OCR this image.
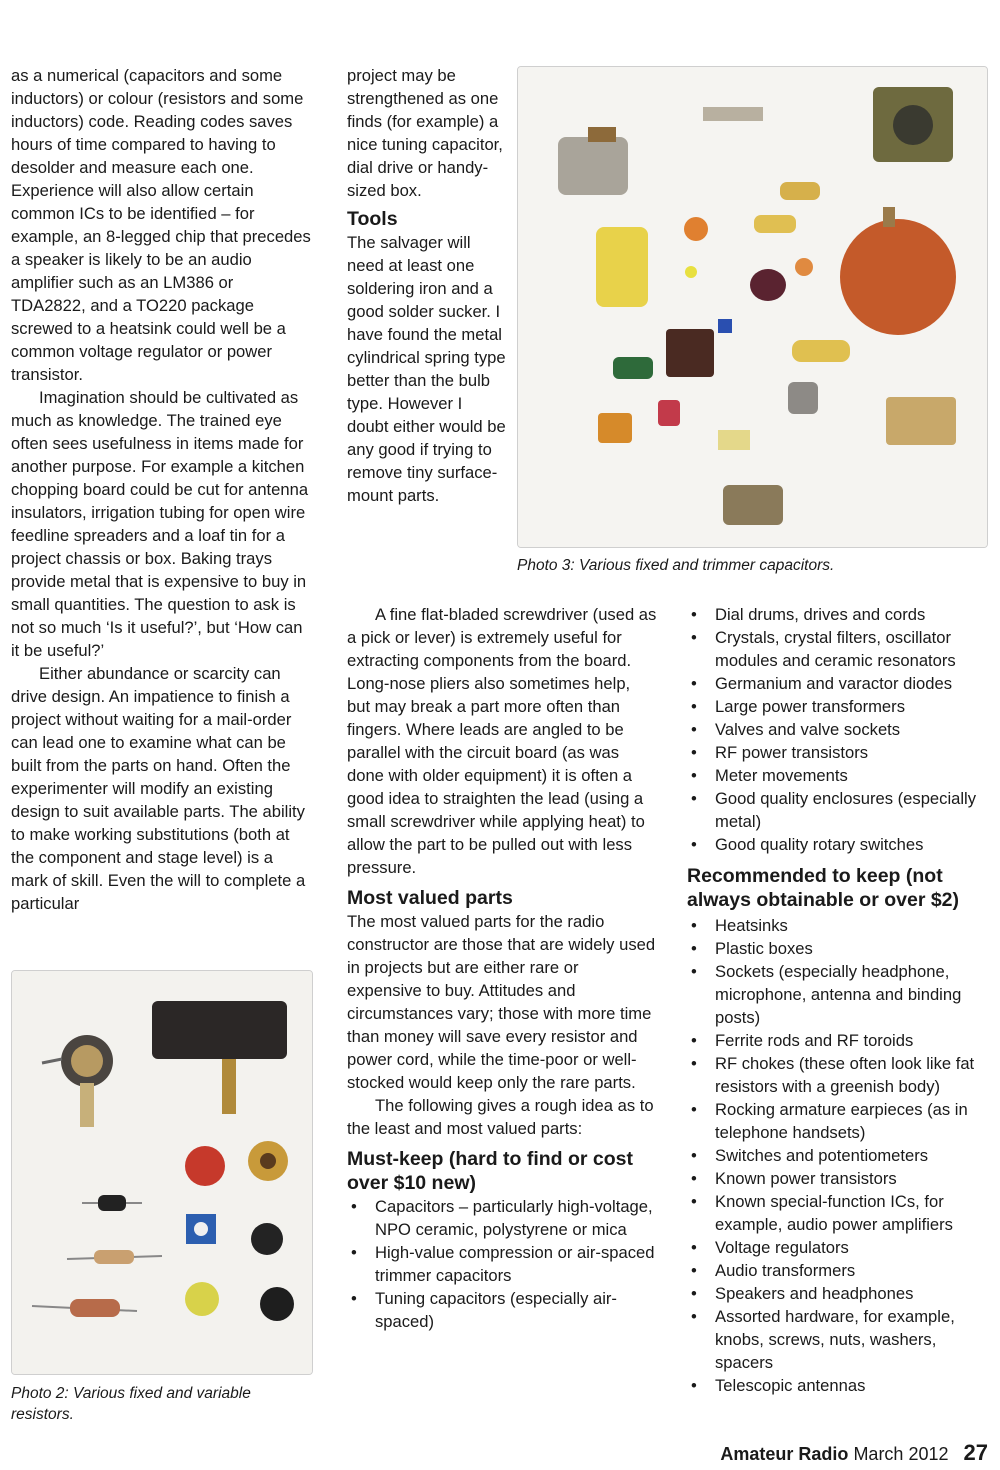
as a numerical (capacitors and some inductors) or colour (resistors and some inductors) code. Reading codes saves hours of time compared to having to desolder and measure each one. Experience will also allow certain common ICs to be identified – for example, an 8-legged chip that precedes a speaker is likely to be an audio amplifier such as an LM386 or TDA2822, and a TO220 package screwed to a heatsink could well be a common voltage regulator or power transistor.

Imagination should be cultivated as much as knowledge. The trained eye often sees usefulness in items made for another purpose. For example a kitchen chopping board could be cut for antenna insulators, irrigation tubing for open wire feedline spreaders and a loaf tin for a project chassis or box. Baking trays provide metal that is expensive to buy in small quantities. The question to ask is not so much ‘Is it useful?’, but ‘How can it be useful?’

Either abundance or scarcity can drive design. An impatience to finish a project without waiting for a mail-order can lead one to examine what can be built from the parts on hand. Often the experimenter will modify an existing design to suit available parts. The ability to make working substitutions (both at the component and stage level) is a mark of skill. Even the will to complete a particular

Photo 2: Various fixed and variable resistors.

project may be strengthened as one finds (for example) a nice tuning capacitor, dial drive or handy-sized box.

Tools

The salvager will need at least one soldering iron and a good solder sucker. I have found the metal cylindrical spring type better than the bulb type. However I doubt either would be any good if trying to remove tiny surface-mount parts.

Photo 3: Various fixed and trimmer capacitors.

A fine flat-bladed screwdriver (used as a pick or lever) is extremely useful for extracting components from the board. Long-nose pliers also sometimes help, but may break a part more often than fingers. Where leads are angled to be parallel with the circuit board (as was done with older equipment) it is often a good idea to straighten the lead (using a small screwdriver while applying heat) to allow the part to be pulled out with less pressure.

Most valued parts

The most valued parts for the radio constructor are those that are widely used in projects but are either rare or expensive to buy. Attitudes and circumstances vary; those with more time than money will save every resistor and power cord, while the time-poor or well-stocked would keep only the rare parts.

The following gives a rough idea as to the least and most valued parts:

Must-keep (hard to find or cost over $10 new)
• Capacitors – particularly high-voltage, NPO ceramic, polystyrene or mica
• High-value compression or air-spaced trimmer capacitors
• Tuning capacitors (especially air-spaced)
• Dial drums, drives and cords
• Crystals, crystal filters, oscillator modules and ceramic resonators
• Germanium and varactor diodes
• Large power transformers
• Valves and valve sockets
• RF power transistors
• Meter movements
• Good quality enclosures (especially metal)
• Good quality rotary switches
Recommended to keep (not always obtainable or over $2)
• Heatsinks
• Plastic boxes
• Sockets (especially headphone, microphone, antenna and binding posts)
• Ferrite rods and RF toroids
• RF chokes (these often look like fat resistors with a greenish body)
• Rocking armature earpieces (as in telephone handsets)
• Switches and potentiometers
• Known power transistors
• Known special-function ICs, for example, audio power amplifiers
• Voltage regulators
• Audio transformers
• Speakers and headphones
• Assorted hardware, for example, knobs, screws, nuts, washers, spacers
• Telescopic antennas
Amateur Radio March 2012 27
